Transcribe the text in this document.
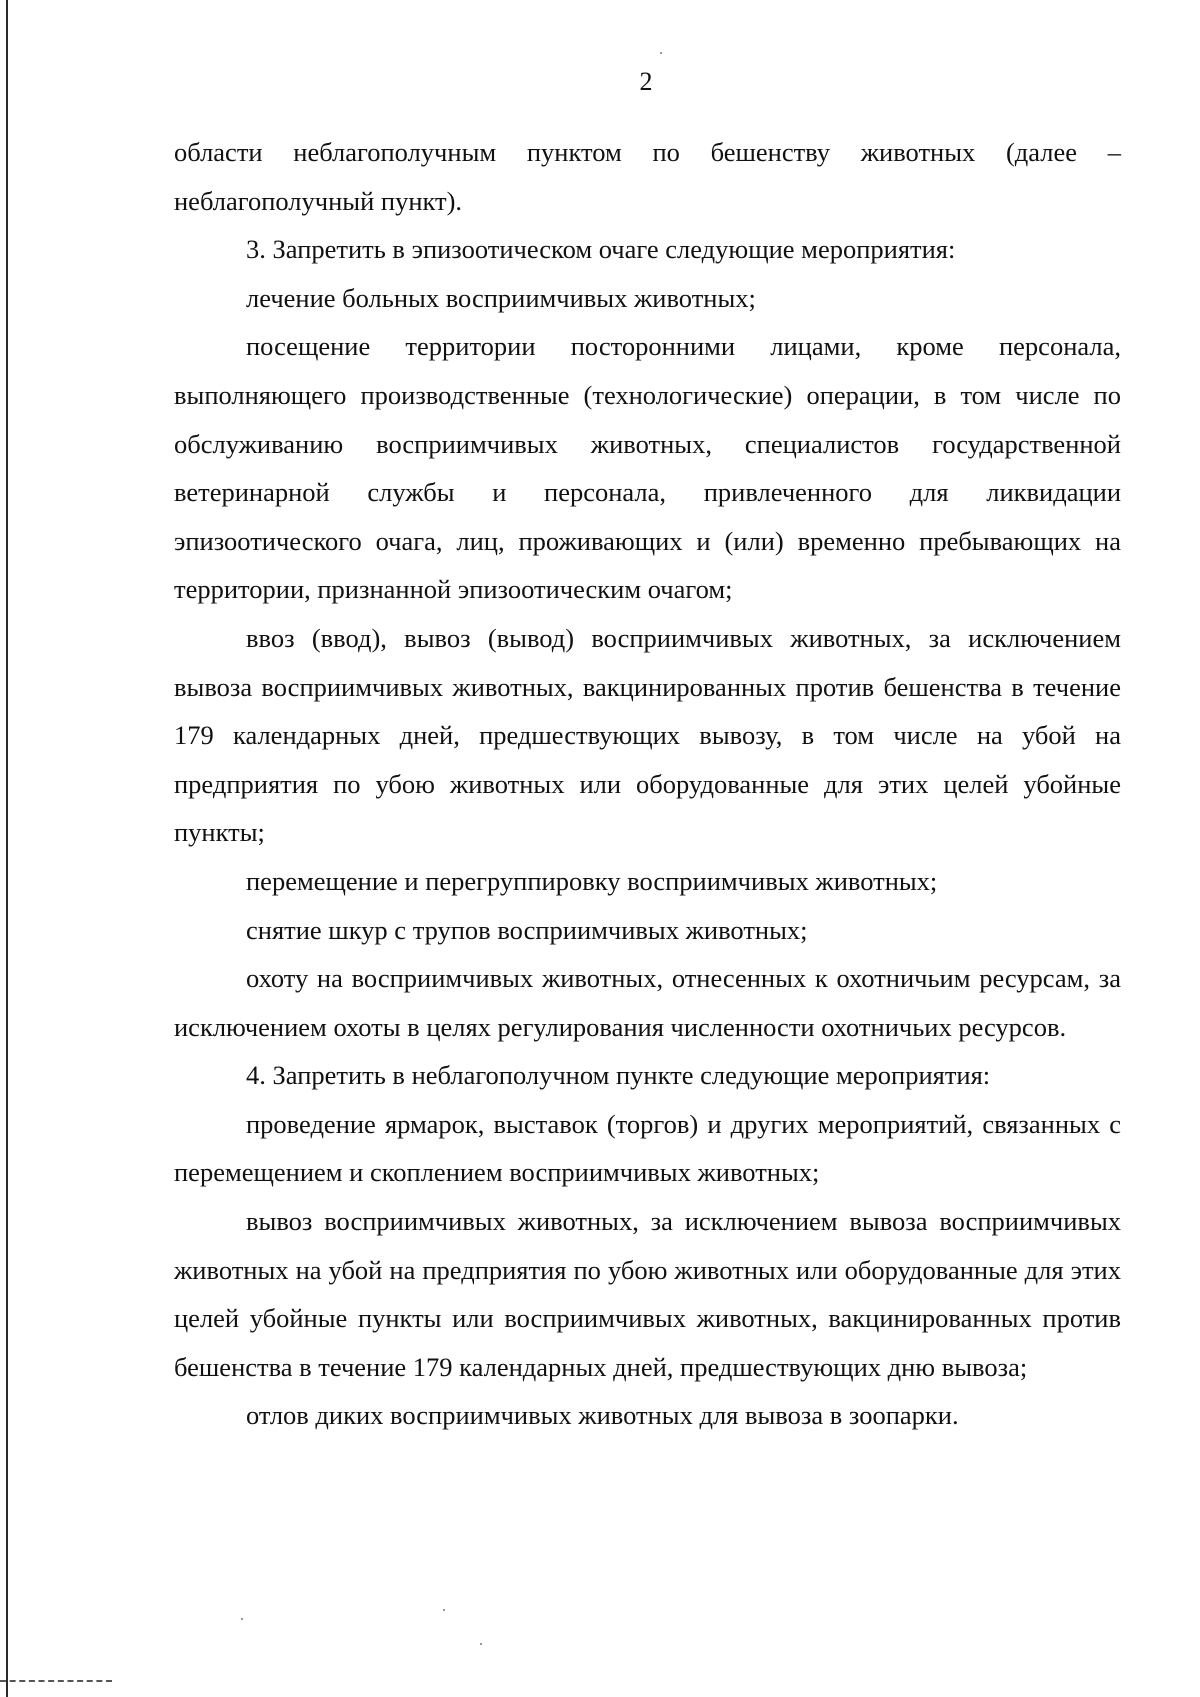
2

области неблагополучным пунктом по бешенству животных (далее – неблагополучный пункт).

3. Запретить в эпизоотическом очаге следующие мероприятия:

лечение больных восприимчивых животных;

посещение территории посторонними лицами, кроме персонала, выполняющего производственные (технологические) операции, в том числе по обслуживанию восприимчивых животных, специалистов государственной ветеринарной службы и персонала, привлеченного для ликвидации эпизоотического очага, лиц, проживающих и (или) временно пребывающих на территории, признанной эпизоотическим очагом;

ввоз (ввод), вывоз (вывод) восприимчивых животных, за исключением вывоза восприимчивых животных, вакцинированных против бешенства в течение 179 календарных дней, предшествующих вывозу, в том числе на убой на предприятия по убою животных или оборудованные для этих целей убойные пункты;

перемещение и перегруппировку восприимчивых животных;

снятие шкур с трупов восприимчивых животных;

охоту на восприимчивых животных, отнесенных к охотничьим ресурсам, за исключением охоты в целях регулирования численности охотничьих ресурсов.

4. Запретить в неблагополучном пункте следующие мероприятия:

проведение ярмарок, выставок (торгов) и других мероприятий, связанных с перемещением и скоплением восприимчивых животных;

вывоз восприимчивых животных, за исключением вывоза восприимчивых животных на убой на предприятия по убою животных или оборудованные для этих целей убойные пункты или восприимчивых животных, вакцинированных против бешенства в течение 179 календарных дней, предшествующих дню вывоза;

отлов диких восприимчивых животных для вывоза в зоопарки.
